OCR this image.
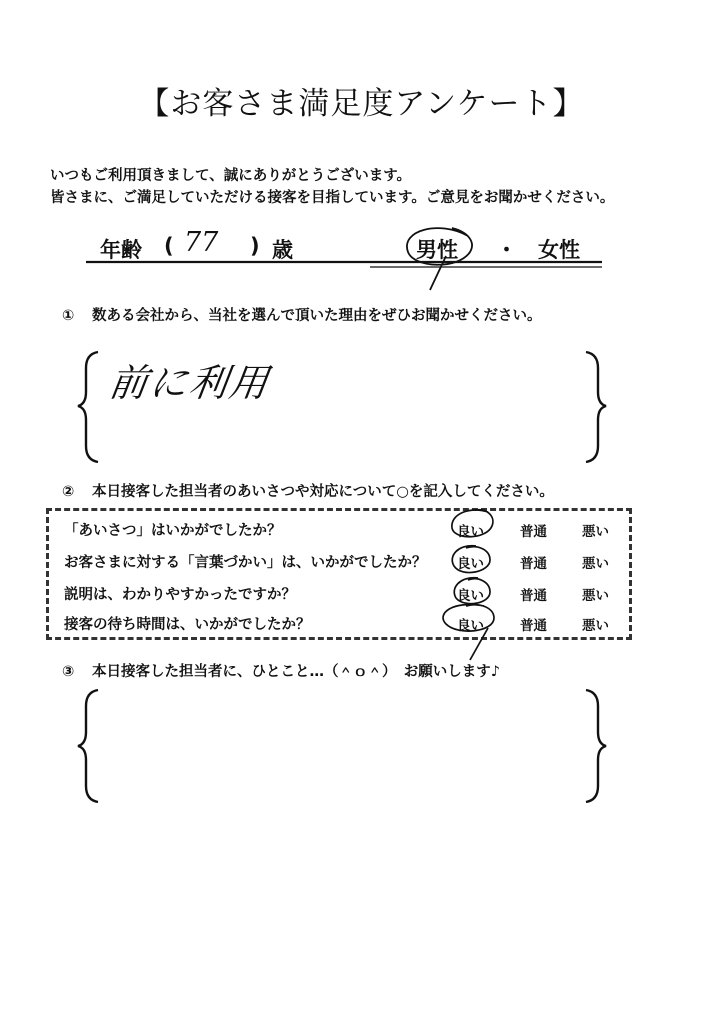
【お客さま満足度アンケート】
いつもご利用頂きまして、誠にありがとうございます。
皆さまに、ご満足していただける接客を目指しています。ご意見をお聞かせください。
年齢 ( 77 ) 歳	男性 ・ 女性
① 数ある会社から、当社を選んで頂いた理由をぜひお聞かせください。
前に利用
② 本日接客した担当者のあいさつや対応について○を記入してください。
「あいさつ」はいかがでしたか？	良い	普通	悪い
お客さまに対する「言葉づかい」は、いかがでしたか？ 良い	普通	悪い
説明は、わかりやすかったですか？	良い	普通	悪い
接客の待ち時間は、いかがでしたか？	良い	普通	悪い
③ 本日接客した担当者に、ひとこと…（＾ｏ＾）　お願いします♪
